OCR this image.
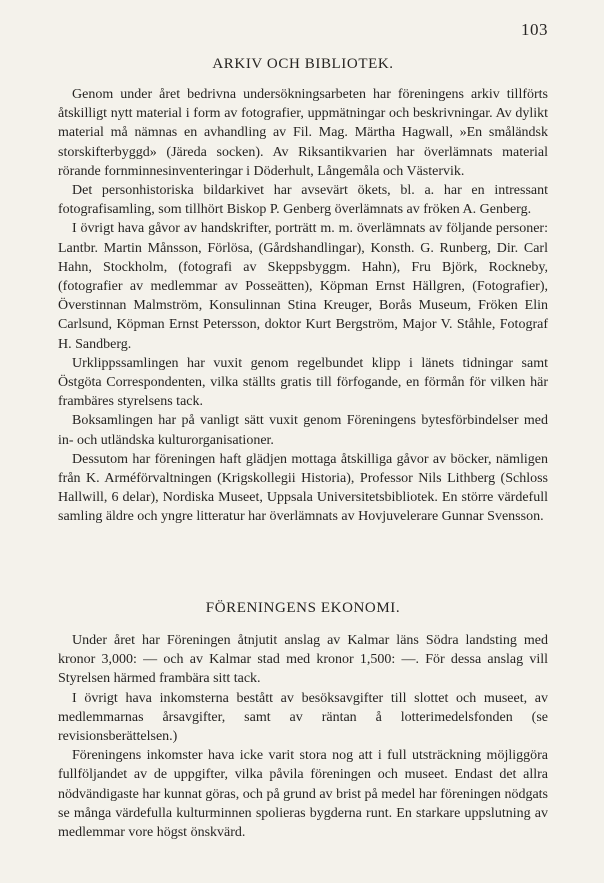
103
ARKIV OCH BIBLIOTEK.

Genom under året bedrivna undersökningsarbeten har föreningens arkiv tillförts åtskilligt nytt material i form av fotografier, uppmätningar och beskrivningar. Av dylikt material må nämnas en avhandling av Fil. Mag. Märtha Hagwall, »En småländsk storskifterbyggd» (Järeda socken). Av Riksantikvarien har överlämnats material rörande fornminnesinventeringar i Döderhult, Långemåla och Västervik.

Det personhistoriska bildarkivet har avsevärt ökets, bl. a. har en intressant fotografisamling, som tillhört Biskop P. Genberg överlämnats av fröken A. Genberg.

I övrigt hava gåvor av handskrifter, porträtt m. m. överlämnats av följande personer: Lantbr. Martin Månsson, Förlösa, (Gårdshandlingar), Konsth. G. Runberg, Dir. Carl Hahn, Stockholm, (fotografi av Skeppsbyggm. Hahn), Fru Björk, Rockneby, (fotografier av medlemmar av Posseätten), Köpman Ernst Hällgren, (Fotografier), Överstinnan Malmström, Konsulinnan Stina Kreuger, Borås Museum, Fröken Elin Carlsund, Köpman Ernst Petersson, doktor Kurt Bergström, Major V. Ståhle, Fotograf H. Sandberg.

Urklippssamlingen har vuxit genom regelbundet klipp i länets tidningar samt Östgöta Correspondenten, vilka ställts gratis till förfogande, en förmån för vilken här frambäres styrelsens tack.

Boksamlingen har på vanligt sätt vuxit genom Föreningens bytesförbindelser med in- och utländska kulturorganisationer.

Dessutom har föreningen haft glädjen mottaga åtskilliga gåvor av böcker, nämligen från K. Arméförvaltningen (Krigskollegii Historia), Professor Nils Lithberg (Schloss Hallwill, 6 delar), Nordiska Museet, Uppsala Universitetsbibliotek. En större värdefull samling äldre och yngre litteratur har överlämnats av Hovjuvelerare Gunnar Svensson.

FÖRENINGENS EKONOMI.

Under året har Föreningen åtnjutit anslag av Kalmar läns Södra landsting med kronor 3,000: — och av Kalmar stad med kronor 1,500: —. För dessa anslag vill Styrelsen härmed frambära sitt tack.

I övrigt hava inkomsterna bestått av besöksavgifter till slottet och museet, av medlemmarnas årsavgifter, samt av räntan å lotterimedelsfonden (se revisionsberättelsen.)

Föreningens inkomster hava icke varit stora nog att i full utsträckning möjliggöra fullföljandet av de uppgifter, vilka påvila föreningen och museet. Endast det allra nödvändigaste har kunnat göras, och på grund av brist på medel har föreningen nödgats se många värdefulla kulturminnen spolieras bygderna runt. En starkare uppslutning av medlemmar vore högst önskvärd.
